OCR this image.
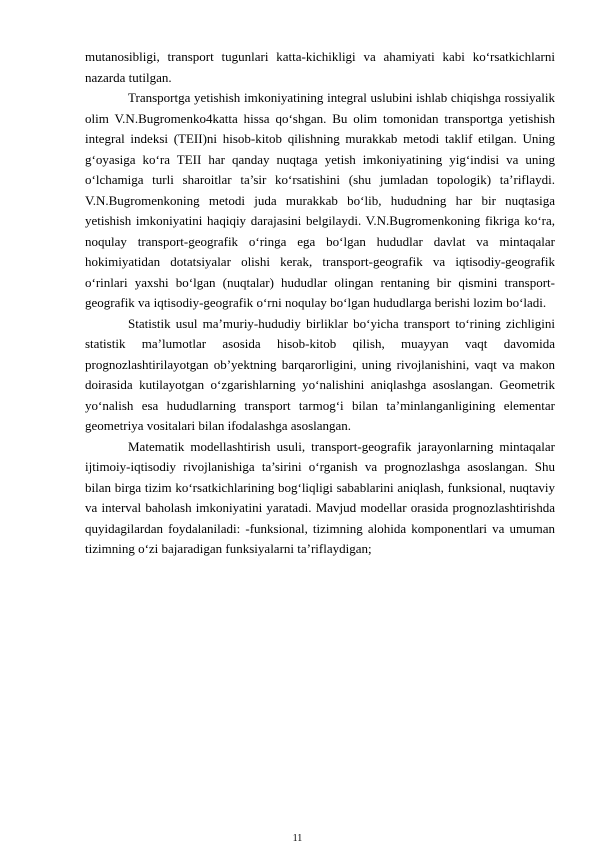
mutanosibligi, transport tugunlari katta-kichikligi va ahamiyati kabi ko‘rsatkichlarni nazarda tutilgan.

Transportga yetishish imkoniyatining integral uslubini ishlab chiqishga rossiyalik olim V.N.Bugromenko4katta hissa qo‘shgan. Bu olim tomonidan transportga yetishish integral indeksi (TEII)ni hisob-kitob qilishning murakkab metodi taklif etilgan. Uning g‘oyasiga ko‘ra TEII har qanday nuqtaga yetish imkoniyatining yig‘indisi va uning o‘lchamiga turli sharoitlar ta’sir ko‘rsatishini (shu jumladan topologik) ta’riflaydi. V.N.Bugromenkoning metodi juda murakkab bo‘lib, hududning har bir nuqtasiga yetishish imkoniyatini haqiqiy darajasini belgilaydi. V.N.Bugromenkoning fikriga ko‘ra, noqulay transport-geografik o‘ringa ega bo‘lgan hududlar davlat va mintaqalar hokimiyatidan dotatsiyalar olishi kerak, transport-geografik va iqtisodiy-geografik o‘rinlari yaxshi bo‘lgan (nuqtalar) hududlar olingan rentaning bir qismini transport-geografik va iqtisodiy-geografik o‘rni noqulay bo‘lgan hududlarga berishi lozim bo‘ladi.

Statistik usul ma’muriy-hududiy birliklar bo‘yicha transport to‘rining zichligini statistik ma’lumotlar asosida hisob-kitob qilish, muayyan vaqt davomida prognozlashtirilayotgan ob’yektning barqarorligini, uning rivojlanishini, vaqt va makon doirasida kutilayotgan o‘zgarishlarning yo‘nalishini aniqlashga asoslangan. Geometrik yo‘nalish esa hududlarning transport tarmog‘i bilan ta’minlanganligining elementar geometriya vositalari bilan ifodalashga asoslangan.

Matematik modellashtirish usuli, transport-geografik jarayonlarning mintaqalar ijtimoiy-iqtisodiy rivojlanishiga ta’sirini o‘rganish va prognozlashga asoslangan. Shu bilan birga tizim ko‘rsatkichlarining bog‘liqligi sabablarini aniqlash, funksional, nuqtaviy va interval baholash imkoniyatini yaratadi. Mavjud modellar orasida prognozlashtirishda quyidagilardan foydalaniladi: -funksional, tizimning alohida komponentlari va umuman tizimning o‘zi bajaradigan funksiyalarni ta’riflaydigan;

11
